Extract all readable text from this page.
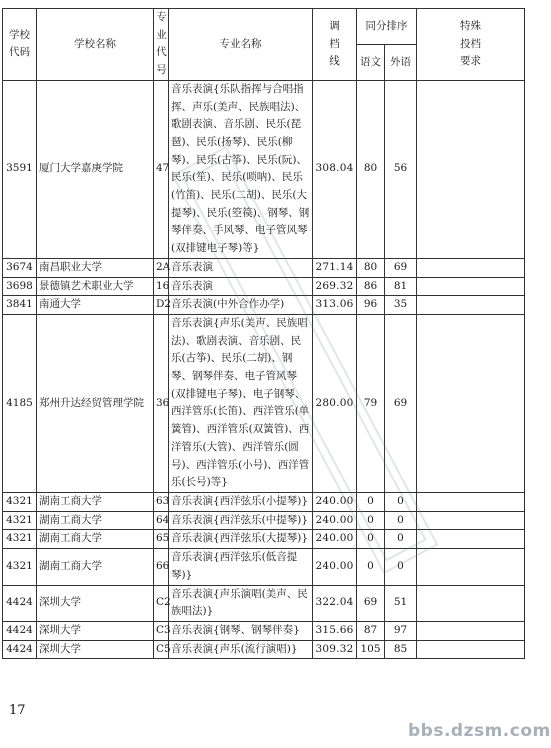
学校代码	学校名称	专业代号	专业名称	调档线	同分排序		特殊投档要求

					语文	外语	
3591	厦门大学嘉庚学院	47	音乐表演{乐队指挥与合唱指挥、声乐(美声、民族唱法)、歌剧表演、音乐剧、民乐(琵琶)、民乐(扬琴)、民乐(柳琴)、民乐(古筝)、民乐(阮)、民乐(笙)、民乐(唢呐)、民乐(竹笛)、民乐(二胡)、民乐(大提琴)、民乐(箜篌)、钢琴、钢琴伴奏、手风琴、电子管风琴(双排键电子琴)等}	308.04	80	56	
3674	南昌职业大学	2A	音乐表演	271.14	80	69	
3698	景德镇艺术职业大学	16	音乐表演	269.32	86	81	
3841	南通大学	D2	音乐表演(中外合作办学)	313.06	96	35	
4185	郑州升达经贸管理学院	36	音乐表演{声乐(美声、民族唱法)、歌剧表演、音乐剧、民乐(古筝)、民乐(二胡)、钢琴、钢琴伴奏、电子管风琴(双排键电子琴)、电子钢琴、西洋管乐(长笛)、西洋管乐(单簧管)、西洋管乐(双簧管)、西洋管乐(大管)、西洋管乐(圆号)、西洋管乐(小号)、西洋管乐(长号)等}	280.00	79	69	
4321	湖南工商大学	63	音乐表演{西洋弦乐(小提琴)}	240.00	0	0	
4321	湖南工商大学	64	音乐表演{西洋弦乐(中提琴)}	240.00	0	0	
4321	湖南工商大学	65	音乐表演{西洋弦乐(大提琴)}	240.00	0	0	
4321	湖南工商大学	66	音乐表演{西洋弦乐(低音提琴)}	240.00	0	0	
4424	深圳大学	C2	音乐表演{声乐演唱(美声、民族唱法)}	322.04	69	51	
4424	深圳大学	C3	音乐表演{钢琴、钢琴伴奏}	315.66	87	97	
4424	深圳大学	C5	音乐表演{声乐(流行演唱)}	309.32	105	85	
17
bbs.dzsm.com
